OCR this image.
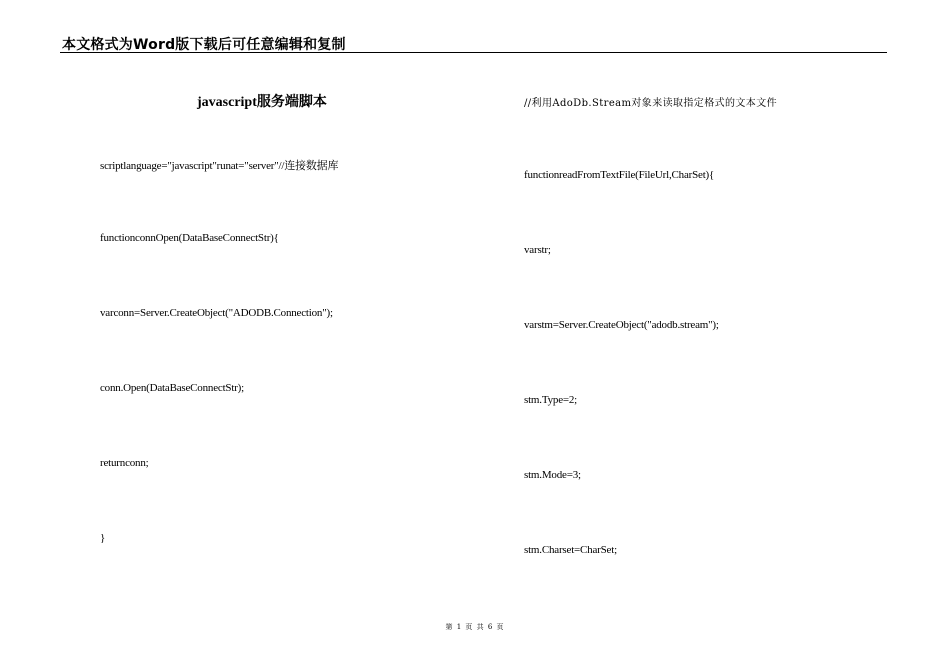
本文格式为Word版下载后可任意编辑和复制
javascript服务端脚本
scriptlanguage="javascript"runat="server"//连接数据库
functionconnOpen(DataBaseConnectStr){
varconn=Server.CreateObject("ADODB.Connection");
conn.Open(DataBaseConnectStr);
returnconn;
}
//利用AdoDb.Stream对象来读取指定格式的文本文件
functionreadFromTextFile(FileUrl,CharSet){
varstr;
varstm=Server.CreateObject("adodb.stream");
stm.Type=2;
stm.Mode=3;
stm.Charset=CharSet;
第 1 页 共 6 页
